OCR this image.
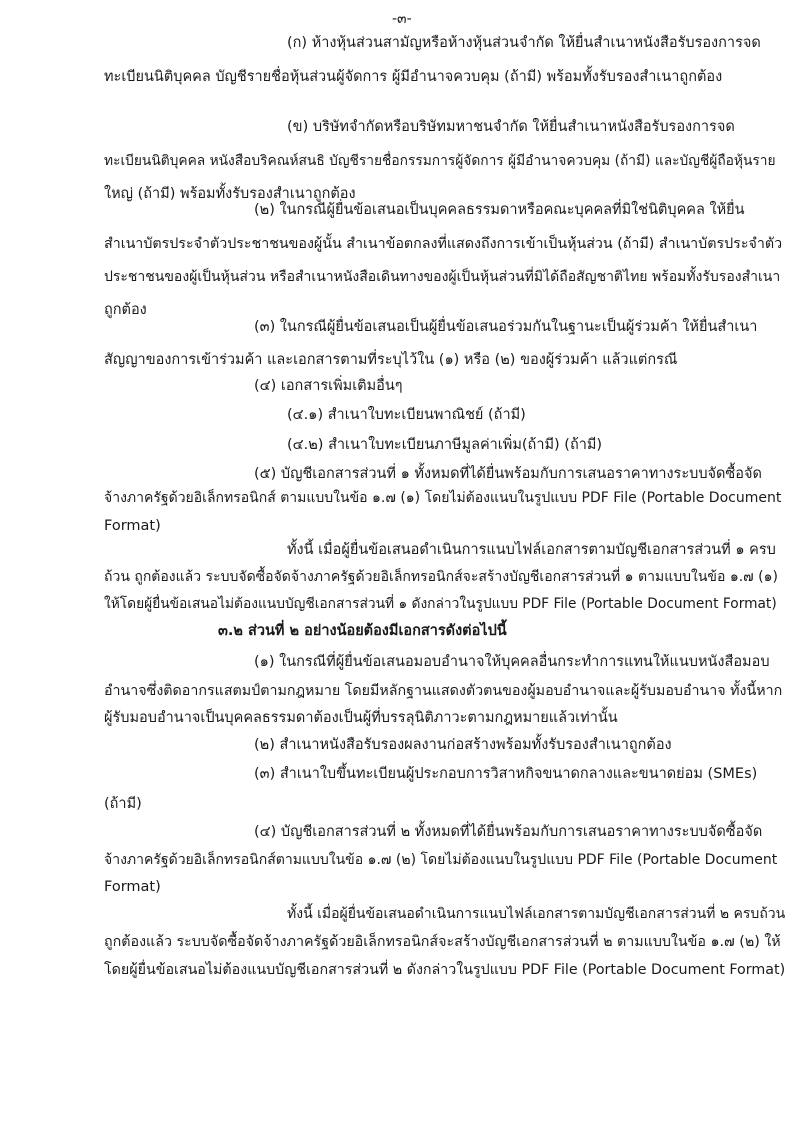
-๓-
(ก) ห้างหุ้นส่วนสามัญหรือห้างหุ้นส่วนจำกัด ให้ยื่นสำเนาหนังสือรับรองการจด
ทะเบียนนิติบุคคล บัญชีรายชื่อหุ้นส่วนผู้จัดการ ผู้มีอำนาจควบคุม (ถ้ามี) พร้อมทั้งรับรองสำเนาถูกต้อง
(ข) บริษัทจำกัดหรือบริษัทมหาชนจำกัด ให้ยื่นสำเนาหนังสือรับรองการจด
ทะเบียนนิติบุคคล หนังสือบริคณห์สนธิ บัญชีรายชื่อกรรมการผู้จัดการ ผู้มีอำนาจควบคุม (ถ้ามี) และบัญชีผู้ถือหุ้นราย
ใหญ่ (ถ้ามี) พร้อมทั้งรับรองสำเนาถูกต้อง
(๒) ในกรณีผู้ยื่นข้อเสนอเป็นบุคคลธรรมดาหรือคณะบุคคลที่มิใช่นิติบุคคล ให้ยื่น
สำเนาบัตรประจำตัวประชาชนของผู้นั้น สำเนาข้อตกลงที่แสดงถึงการเข้าเป็นหุ้นส่วน (ถ้ามี) สำเนาบัตรประจำตัว
ประชาชนของผู้เป็นหุ้นส่วน หรือสำเนาหนังสือเดินทางของผู้เป็นหุ้นส่วนที่มิได้ถือสัญชาติไทย พร้อมทั้งรับรองสำเนา
ถูกต้อง
(๓) ในกรณีผู้ยื่นข้อเสนอเป็นผู้ยื่นข้อเสนอร่วมกันในฐานะเป็นผู้ร่วมค้า ให้ยื่นสำเนา
สัญญาของการเข้าร่วมค้า และเอกสารตามที่ระบุไว้ใน (๑) หรือ (๒) ของผู้ร่วมค้า แล้วแต่กรณี
(๔) เอกสารเพิ่มเติมอื่นๆ
(๔.๑) สำเนาใบทะเบียนพาณิชย์ (ถ้ามี)
(๔.๒) สำเนาใบทะเบียนภาษีมูลค่าเพิ่ม(ถ้ามี) (ถ้ามี)
(๕) บัญชีเอกสารส่วนที่ ๑ ทั้งหมดที่ได้ยื่นพร้อมกับการเสนอราคาทางระบบจัดซื้อจัด
จ้างภาครัฐด้วยอิเล็กทรอนิกส์ ตามแบบในข้อ ๑.๗ (๑) โดยไม่ต้องแนบในรูปแบบ PDF File (Portable Document
Format)
ทั้งนี้ เมื่อผู้ยื่นข้อเสนอดำเนินการแนบไฟล์เอกสารตามบัญชีเอกสารส่วนที่ ๑ ครบ
ถ้วน ถูกต้องแล้ว ระบบจัดซื้อจัดจ้างภาครัฐด้วยอิเล็กทรอนิกส์จะสร้างบัญชีเอกสารส่วนที่ ๑ ตามแบบในข้อ ๑.๗ (๑)
ให้โดยผู้ยื่นข้อเสนอไม่ต้องแนบบัญชีเอกสารส่วนที่ ๑ ดังกล่าวในรูปแบบ PDF File (Portable Document Format)
๓.๒ ส่วนที่ ๒ อย่างน้อยต้องมีเอกสารดังต่อไปนี้
(๑) ในกรณีที่ผู้ยื่นข้อเสนอมอบอำนาจให้บุคคลอื่นกระทำการแทนให้แนบหนังสือมอบ
อำนาจซึ่งติดอากรแสตมป์ตามกฎหมาย โดยมีหลักฐานแสดงตัวตนของผู้มอบอำนาจและผู้รับมอบอำนาจ ทั้งนี้หาก
ผู้รับมอบอำนาจเป็นบุคคลธรรมดาต้องเป็นผู้ที่บรรลุนิติภาวะตามกฎหมายแล้วเท่านั้น
(๒) สำเนาหนังสือรับรองผลงานก่อสร้างพร้อมทั้งรับรองสำเนาถูกต้อง
(๓) สำเนาใบขึ้นทะเบียนผู้ประกอบการวิสาหกิจขนาดกลางและขนาดย่อม (SMEs)
(ถ้ามี)
(๔) บัญชีเอกสารส่วนที่ ๒ ทั้งหมดที่ได้ยื่นพร้อมกับการเสนอราคาทางระบบจัดซื้อจัด
จ้างภาครัฐด้วยอิเล็กทรอนิกส์ตามแบบในข้อ ๑.๗ (๒) โดยไม่ต้องแนบในรูปแบบ PDF File (Portable Document
Format)
ทั้งนี้ เมื่อผู้ยื่นข้อเสนอดำเนินการแนบไฟล์เอกสารตามบัญชีเอกสารส่วนที่ ๒ ครบถ้วน
ถูกต้องแล้ว ระบบจัดซื้อจัดจ้างภาครัฐด้วยอิเล็กทรอนิกส์จะสร้างบัญชีเอกสารส่วนที่ ๒ ตามแบบในข้อ ๑.๗ (๒) ให้
โดยผู้ยื่นข้อเสนอไม่ต้องแนบบัญชีเอกสารส่วนที่ ๒ ดังกล่าวในรูปแบบ PDF File (Portable Document Format)
